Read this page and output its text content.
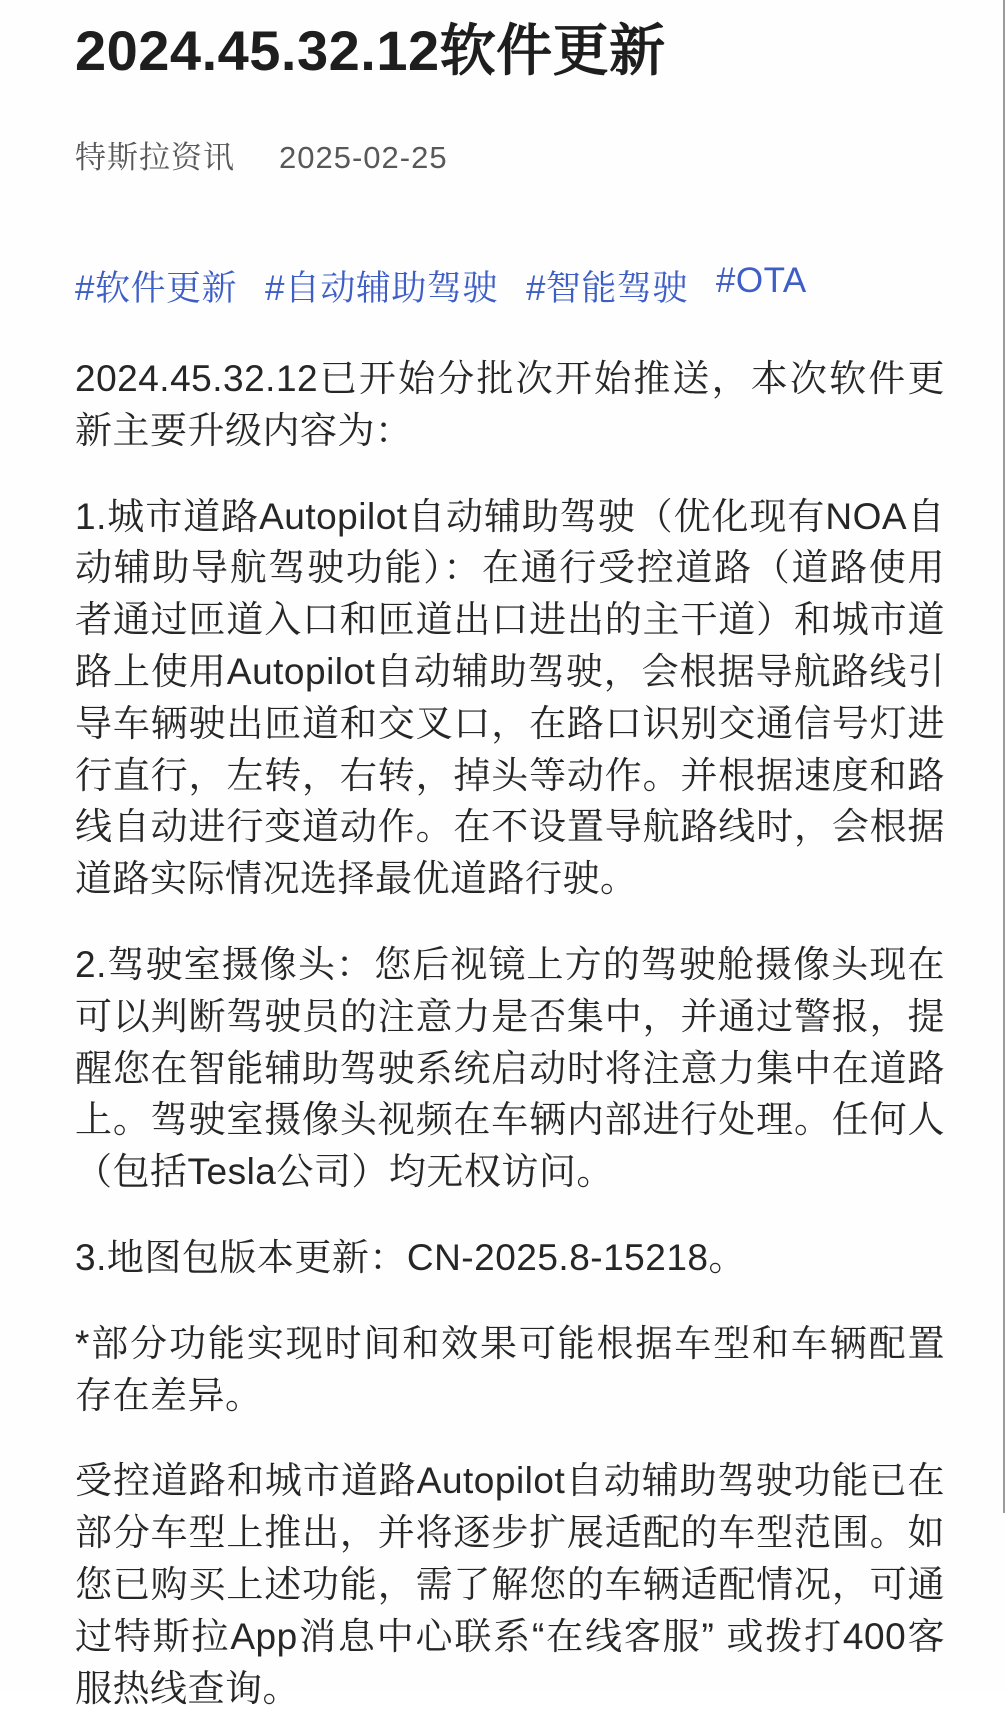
2024.45.32.12软件更新
特斯拉资讯 2025-02-25
#软件更新 #自动辅助驾驶 #智能驾驶 #OTA

2024.45.32.12已开始分批次开始推送，本次软件更新主要升级内容为：

1.城市道路Autopilot自动辅助驾驶（优化现有NOA自动辅助导航驾驶功能）：在通行受控道路（道路使用者通过匝道入口和匝道出口进出的主干道）和城市道路上使用Autopilot自动辅助驾驶，会根据导航路线引导车辆驶出匝道和交叉口，在路口识别交通信号灯进行直行，左转，右转，掉头等动作。并根据速度和路线自动进行变道动作。在不设置导航路线时，会根据道路实际情况选择最优道路行驶。

2.驾驶室摄像头：您后视镜上方的驾驶舱摄像头现在可以判断驾驶员的注意力是否集中，并通过警报，提醒您在智能辅助驾驶系统启动时将注意力集中在道路上。驾驶室摄像头视频在车辆内部进行处理。任何人（包括Tesla公司）均无权访问。

3.地图包版本更新：CN-2025.8-15218。

*部分功能实现时间和效果可能根据车型和车辆配置存在差异。

受控道路和城市道路Autopilot自动辅助驾驶功能已在部分车型上推出，并将逐步扩展适配的车型范围。如您已购买上述功能，需了解您的车辆适配情况，可通过特斯拉App消息中心联系“在线客服” 或拨打400客服热线查询。
